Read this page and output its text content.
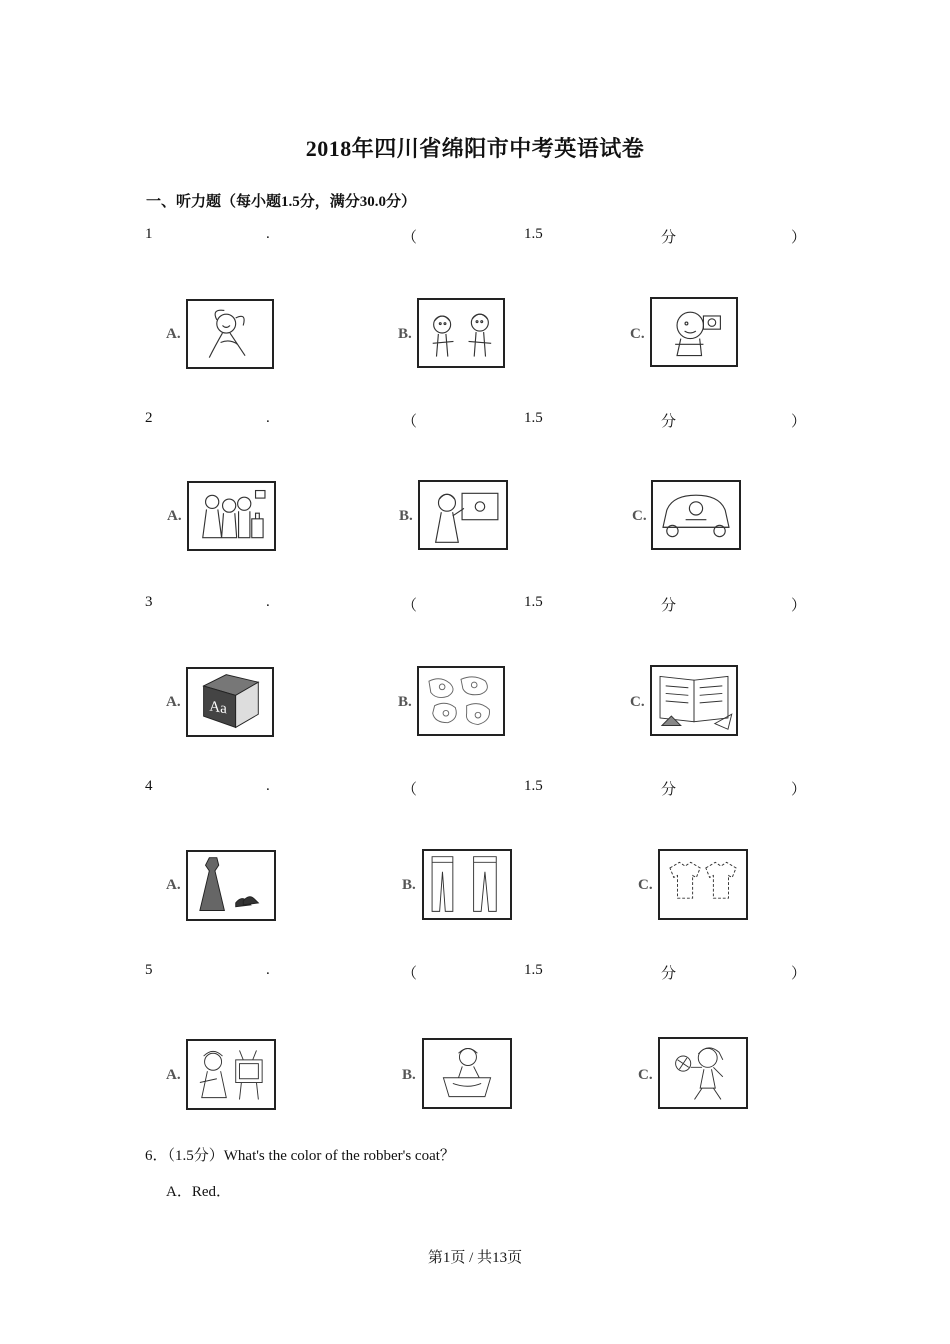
2018年四川省绵阳市中考英语试卷
一、听力题（每小题1.5分，满分30.0分）
1	.	（	1.5	分	）
A.	B.	C.
2	.	（	1.5	分	）
A.	B.	C.
3	.	（	1.5	分	）
A. Aa	B.	C.
4	.	（	1.5	分	）
A.	B.	C.
5	.	（	1.5	分	）
A.	B.	C.
6．（1.5分）What's the color of the robber's coat？
A．Red．
第1页 / 共13页
